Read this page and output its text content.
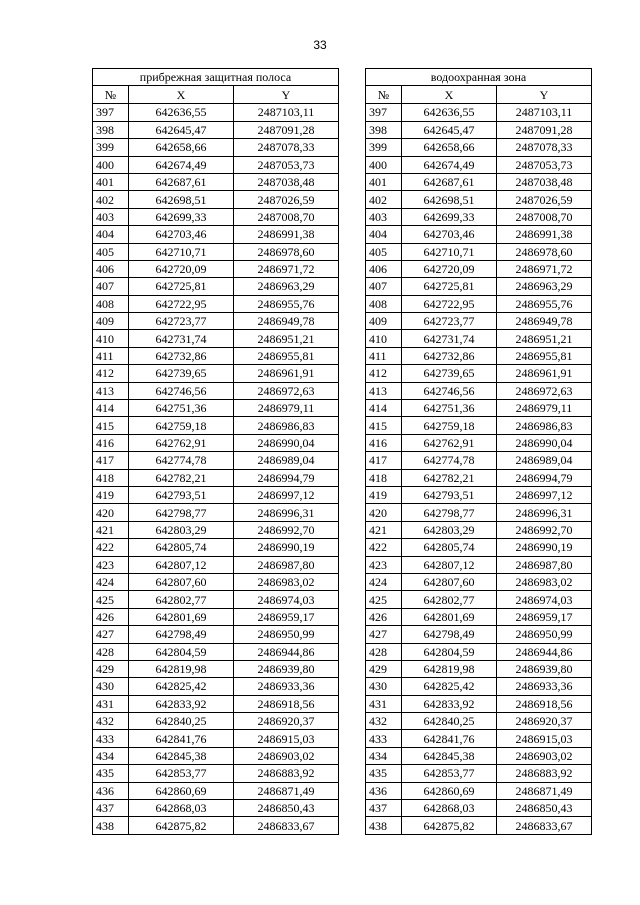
33
прибрежная защитная полоса		
№	X	Y
397	642636,55	2487103,11
398	642645,47	2487091,28
399	642658,66	2487078,33
400	642674,49	2487053,73
401	642687,61	2487038,48
402	642698,51	2487026,59
403	642699,33	2487008,70
404	642703,46	2486991,38
405	642710,71	2486978,60
406	642720,09	2486971,72
407	642725,81	2486963,29
408	642722,95	2486955,76
409	642723,77	2486949,78
410	642731,74	2486951,21
411	642732,86	2486955,81
412	642739,65	2486961,91
413	642746,56	2486972,63
414	642751,36	2486979,11
415	642759,18	2486986,83
416	642762,91	2486990,04
417	642774,78	2486989,04
418	642782,21	2486994,79
419	642793,51	2486997,12
420	642798,77	2486996,31
421	642803,29	2486992,70
422	642805,74	2486990,19
423	642807,12	2486987,80
424	642807,60	2486983,02
425	642802,77	2486974,03
426	642801,69	2486959,17
427	642798,49	2486950,99
428	642804,59	2486944,86
429	642819,98	2486939,80
430	642825,42	2486933,36
431	642833,92	2486918,56
432	642840,25	2486920,37
433	642841,76	2486915,03
434	642845,38	2486903,02
435	642853,77	2486883,92
436	642860,69	2486871,49
437	642868,03	2486850,43
438	642875,82	2486833,67
водоохранная зона		
№	X	Y
397	642636,55	2487103,11
398	642645,47	2487091,28
399	642658,66	2487078,33
400	642674,49	2487053,73
401	642687,61	2487038,48
402	642698,51	2487026,59
403	642699,33	2487008,70
404	642703,46	2486991,38
405	642710,71	2486978,60
406	642720,09	2486971,72
407	642725,81	2486963,29
408	642722,95	2486955,76
409	642723,77	2486949,78
410	642731,74	2486951,21
411	642732,86	2486955,81
412	642739,65	2486961,91
413	642746,56	2486972,63
414	642751,36	2486979,11
415	642759,18	2486986,83
416	642762,91	2486990,04
417	642774,78	2486989,04
418	642782,21	2486994,79
419	642793,51	2486997,12
420	642798,77	2486996,31
421	642803,29	2486992,70
422	642805,74	2486990,19
423	642807,12	2486987,80
424	642807,60	2486983,02
425	642802,77	2486974,03
426	642801,69	2486959,17
427	642798,49	2486950,99
428	642804,59	2486944,86
429	642819,98	2486939,80
430	642825,42	2486933,36
431	642833,92	2486918,56
432	642840,25	2486920,37
433	642841,76	2486915,03
434	642845,38	2486903,02
435	642853,77	2486883,92
436	642860,69	2486871,49
437	642868,03	2486850,43
438	642875,82	2486833,67
